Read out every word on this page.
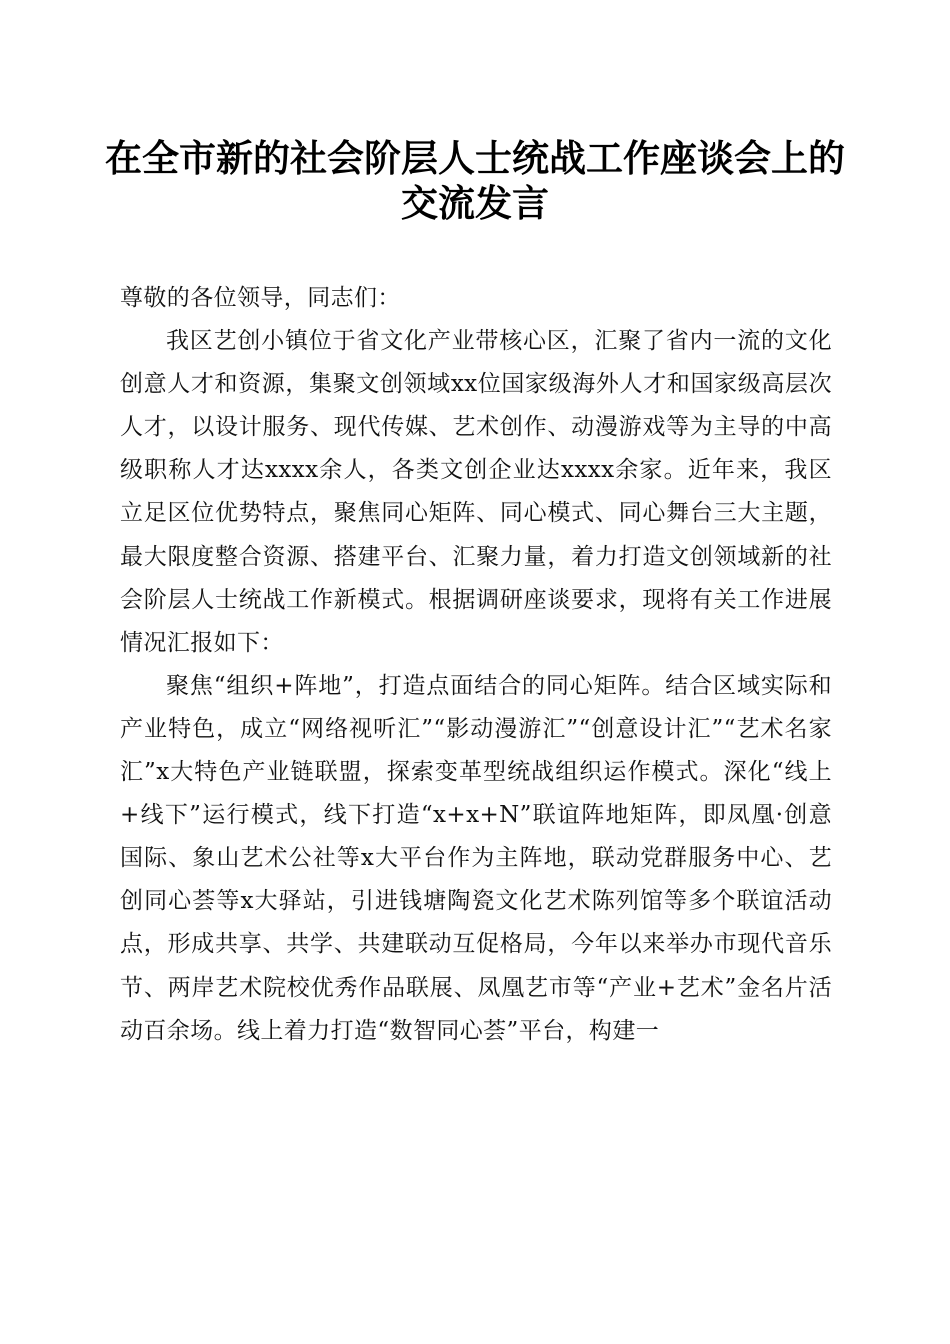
在全市新的社会阶层人士统战工作座谈会上的
交流发言

尊敬的各位领导，同志们：

我区艺创小镇位于省文化产业带核心区，汇聚了省内一流的文化创意人才和资源，集聚文创领域xx位国家级海外人才和国家级高层次人才，以设计服务、现代传媒、艺术创作、动漫游戏等为主导的中高级职称人才达xxxx余人，各类文创企业达xxxx余家。近年来，我区立足区位优势特点，聚焦同心矩阵、同心模式、同心舞台三大主题，最大限度整合资源、搭建平台、汇聚力量，着力打造文创领域新的社会阶层人士统战工作新模式。根据调研座谈要求，现将有关工作进展情况汇报如下：

聚焦“组织+阵地”，打造点面结合的同心矩阵。结合区域实际和产业特色，成立“网络视听汇”“影动漫游汇”“创意设计汇”“艺术名家汇”x大特色产业链联盟，探索变革型统战组织运作模式。深化“线上+线下”运行模式，线下打造“x+x+N”联谊阵地矩阵，即凤凰·创意国际、象山艺术公社等x大平台作为主阵地，联动党群服务中心、艺创同心荟等x大驿站，引进钱塘陶瓷文化艺术陈列馆等多个联谊活动点，形成共享、共学、共建联动互促格局，今年以来举办市现代音乐节、两岸艺术院校优秀作品联展、凤凰艺市等“产业+艺术”金名片活动百余场。线上着力打造“数智同心荟”平台，构建一
